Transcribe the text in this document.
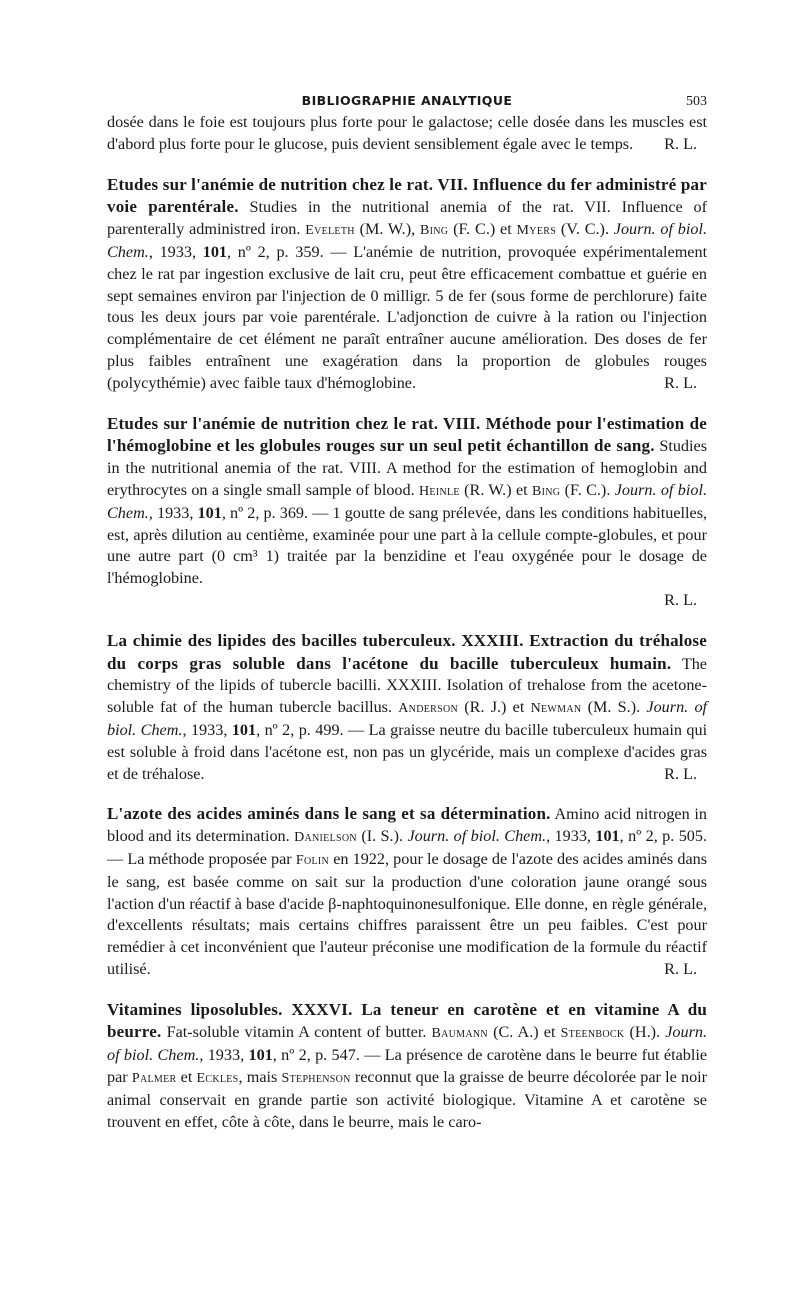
BIBLIOGRAPHIE ANALYTIQUE	503
dosée dans le foie est toujours plus forte pour le galactose; celle dosée dans les muscles est d'abord plus forte pour le glucose, puis devient sensiblement égale avec le temps. R. L.
Etudes sur l'anémie de nutrition chez le rat. VII. Influence du fer administré par voie parentérale. Studies in the nutritional anemia of the rat. VII. Influence of parenterally administred iron. Eveleth (M. W.), Bing (F. C.) et Myers (V. C.). Journ. of biol. Chem., 1933, 101, nº 2, p. 359. — L'anémie de nutrition, provoquée expérimentalement chez le rat par ingestion exclusive de lait cru, peut être efficacement combattue et guérie en sept semaines environ par l'injection de 0 milligr. 5 de fer (sous forme de perchlorure) faite tous les deux jours par voie parentérale. L'adjonction de cuivre à la ration ou l'injection complémentaire de cet élément ne paraît entraîner aucune amélioration. Des doses de fer plus faibles entraînent une exagération dans la proportion de globules rouges (polycythémie) avec faible taux d'hémoglobine.	R. L.
Etudes sur l'anémie de nutrition chez le rat. VIII. Méthode pour l'estimation de l'hémoglobine et les globules rouges sur un seul petit échantillon de sang. Studies in the nutritional anemia of the rat. VIII. A method for the estimation of hemoglobin and erythrocytes on a single small sample of blood. Heinle (R. W.) et Bing (F. C.). Journ. of biol. Chem., 1933, 101, nº 2, p. 369. — 1 goutte de sang prélevée, dans les conditions habituelles, est, après dilution au centième, examinée pour une part à la cellule compte-globules, et pour une autre part (0 cm³ 1) traitée par la benzidine et l'eau oxygénée pour le dosage de l'hémoglobine.
R. L.
La chimie des lipides des bacilles tuberculeux. XXXIII. Extraction du tréhalose du corps gras soluble dans l'acétone du bacille tuberculeux humain. The chemistry of the lipids of tubercle bacilli. XXXIII. Isolation of trehalose from the acetone-soluble fat of the human tubercle bacillus. Anderson (R. J.) et Newman (M. S.). Journ. of biol. Chem., 1933, 101, nº 2, p. 499. — La graisse neutre du bacille tuberculeux humain qui est soluble à froid dans l'acétone est, non pas un glycéride, mais un complexe d'acides gras et de tréhalose.	R. L.
L'azote des acides aminés dans le sang et sa détermination. Amino acid nitrogen in blood and its determination. Danielson (I. S.). Journ. of biol. Chem., 1933, 101, nº 2, p. 505. — La méthode proposée par Folin en 1922, pour le dosage de l'azote des acides aminés dans le sang, est basée comme on sait sur la production d'une coloration jaune orangé sous l'action d'un réactif à base d'acide β-naphtoquinonesulfonique. Elle donne, en règle générale, d'excellents résultats; mais certains chiffres paraissent être un peu faibles. C'est pour remédier à cet inconvénient que l'auteur préconise une modification de la formule du réactif utilisé.	R. L.
Vitamines liposolubles. XXXVI. La teneur en carotène et en vitamine A du beurre. Fat-soluble vitamin A content of butter. Baumann (C. A.) et Steenbock (H.). Journ. of biol. Chem., 1933, 101, nº 2, p. 547. — La présence de carotène dans le beurre fut établie par Palmer et Eckles, mais Stephenson reconnut que la graisse de beurre décolorée par le noir animal conservait en grande partie son activité biologique. Vitamine A et carotène se trouvent en effet, côte à côte, dans le beurre, mais le caro-
